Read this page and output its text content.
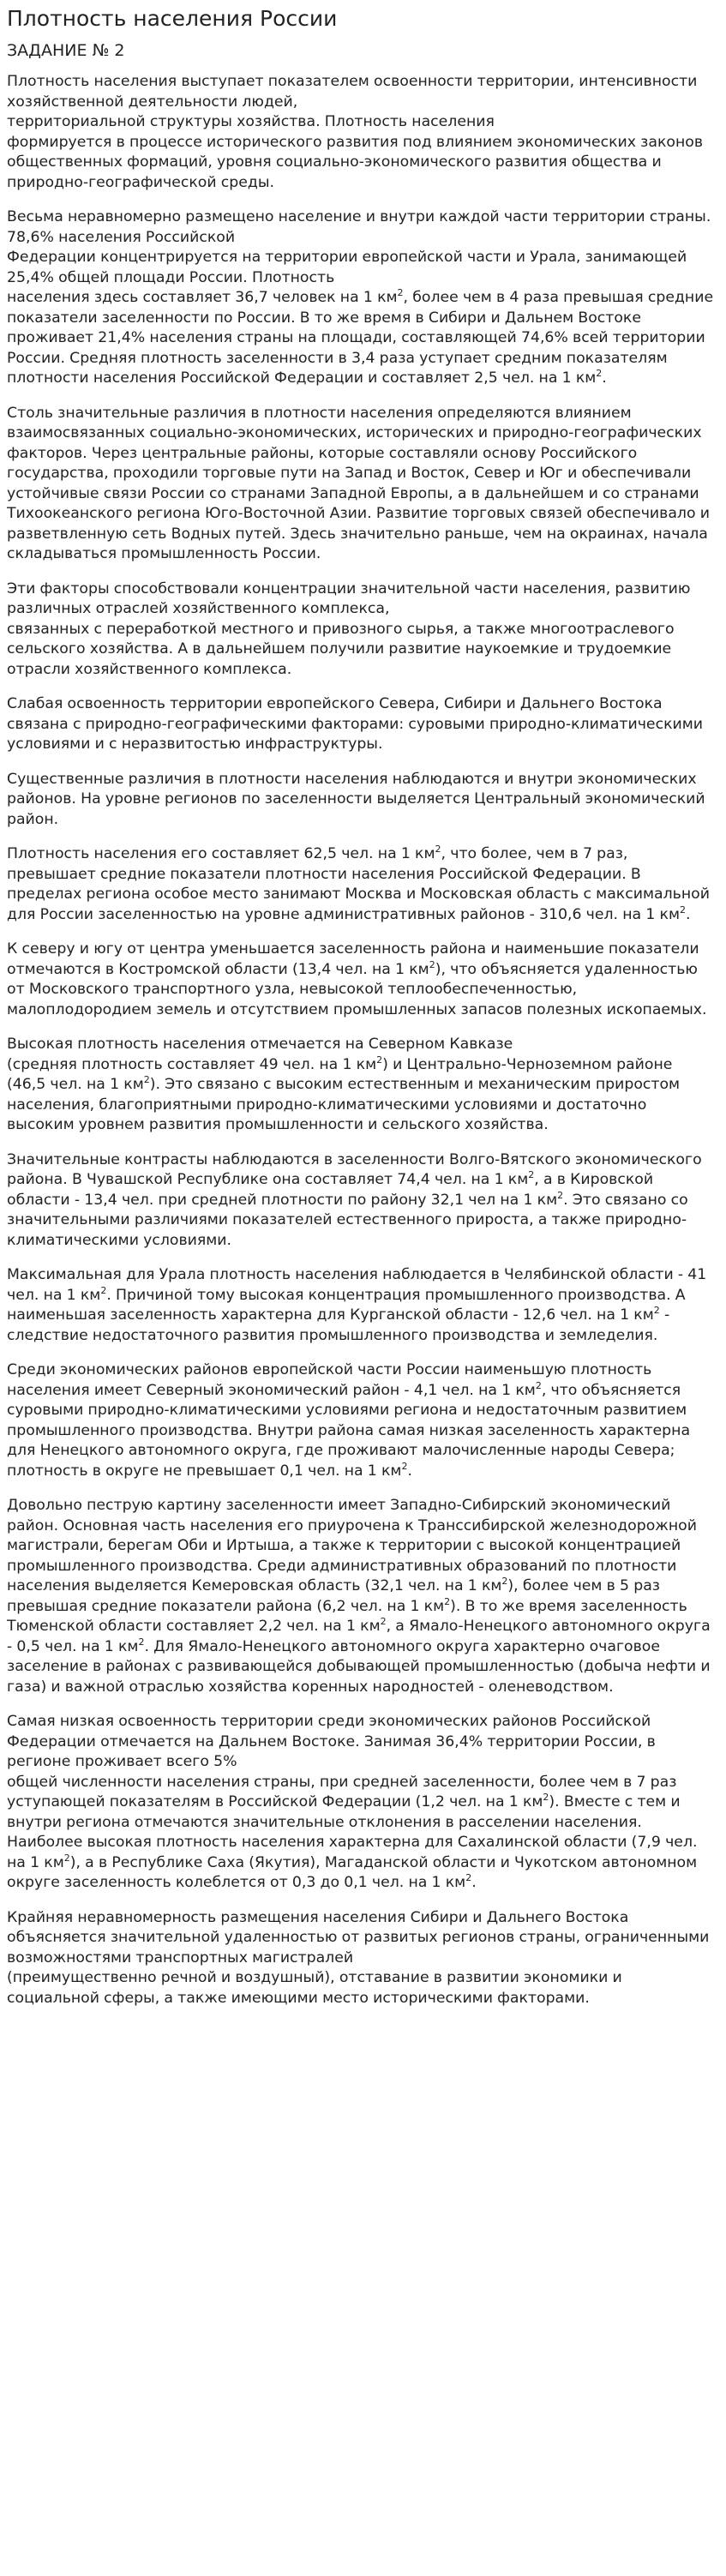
Плотность населения России
ЗАДАНИЕ № 2

Плотность населения выступает показателем освоенности территории, интенсивности хозяйственной деятельности людей,
территориальной структуры хозяйства. Плотность населения
формируется в процессе исторического развития под влиянием экономических законов общественных формаций, уровня социально-экономического развития общества и природно-географической среды.

Весьма неравномерно размещено население и внутри каждой части территории страны. 78,6% населения Российской
Федерации концентрируется на территории европейской части и Урала, занимающей 25,4% общей площади России. Плотность
населения здесь составляет 36,7 человек на 1 $км^2$, более чем в 4 раза превышая средние показатели заселенности по России. В то же время в Сибири и Дальнем Востоке проживает 21,4% населения страны на площади, составляющей 74,6% всей территории России. Средняя плотность заселенности в 3,4 раза уступает средним показателям плотности населения Российской Федерации и составляет 2,5 чел. на 1 $км^2$.

Столь значительные различия в плотности населения определяются влиянием взаимосвязанных социально-экономических, исторических и природно-географических факторов. Через центральные районы, которые составляли основу Российского государства, проходили торговые пути на Запад и Восток, Север и Юг и обеспечивали устойчивые связи России со странами Западной Европы, а в дальнейшем и со странами Тихоокеанского региона Юго-Восточной Азии. Развитие торговых связей обеспечивало и разветвленную сеть Водных путей. Здесь значительно раньше, чем на окраинах, начала складываться промышленность России.

Эти факторы способствовали концентрации значительной части населения, развитию различных отраслей хозяйственного комплекса,
связанных с переработкой местного и привозного сырья, а также многоотраслевого сельского хозяйства. А в дальнейшем получили развитие наукоемкие и трудоемкие отрасли хозяйственного комплекса.

Слабая освоенность территории европейского Севера, Сибири и Дальнего Востока связана с природно-географическими факторами: суровыми природно-климатическими условиями и с неразвитостью инфраструктуры.

Существенные различия в плотности населения наблюдаются и внутри экономических районов. На уровне регионов по заселенности выделяется Центральный экономический район.

Плотность населения его составляет 62,5 чел. на 1 $км^2$, что более, чем в 7 раз, превышает средние показатели плотности населения Российской Федерации. В пределах региона особое место занимают Москва и Московская область с максимальной для России заселенностью на уровне административных районов - 310,6 чел. на 1 $км^2$.

К северу и югу от центра уменьшается заселенность района и наименьшие показатели отмечаются в Костромской области (13,4 чел. на 1 $км^2$), что объясняется удаленностью от Московского транспортного узла, невысокой теплообеспеченностью, малоплодородием земель и отсутствием промышленных запасов полезных ископаемых.

Высокая плотность населения отмечается на Северном Кавказе
(средняя плотность составляет 49 чел. на 1 $км^2$) и Центрально-Черноземном районе (46,5 чел. на 1 $км^2$). Это связано с высоким естественным и механическим приростом населения, благоприятными природно-климатическими условиями и достаточно высоким уровнем развития промышленности и сельского хозяйства.

Значительные контрасты наблюдаются в заселенности Волго-Вятского экономического района. В Чувашской Республике она составляет 74,4 чел. на 1 $км^2$, а в Кировской области - 13,4 чел. при средней плотности по району 32,1 чел на 1 $км^2$. Это связано со значительными различиями показателей естественного прироста, а также природно-климатическими условиями.

Максимальная для Урала плотность населения наблюдается в Челябинской области - 41 чел. на 1 $км^2$. Причиной тому высокая концентрация промышленного производства. А наименьшая заселенность характерна для Курганской области - 12,6 чел. на 1 $км^2$ - следствие недостаточного развития промышленного производства и земледелия.

Среди экономических районов европейской части России наименьшую плотность населения имеет Северный экономический район - 4,1 чел. на 1 $км^2$, что объясняется суровыми природно-климатическими условиями региона и недостаточным развитием промышленного производства. Внутри района самая низкая заселенность характерна для Ненецкого автономного округа, где проживают малочисленные народы Севера; плотность в округе не превышает 0,1 чел. на 1 $км^2$.

Довольно пеструю картину заселенности имеет Западно-Сибирский экономический район. Основная часть населения его приурочена к Транссибирской железнодорожной магистрали, берегам Оби и Иртыша, а также к территории с высокой концентрацией промышленного производства. Среди административных образований по плотности населения выделяется Кемеровская область (32,1 чел. на 1 $км^2$), более чем в 5 раз превышая средние показатели района (6,2 чел. на 1 $км^2$). В то же время заселенность Тюменской области составляет 2,2 чел. на 1 $км^2$, а Ямало-Ненецкого автономного округа - 0,5 чел. на 1 $км^2$. Для Ямало-Ненецкого автономного округа характерно очаговое заселение в районах с развивающейся добывающей промышленностью (добыча нефти и газа) и важной отраслью хозяйства коренных народностей - оленеводством.

Самая низкая освоенность территории среди экономических районов Российской Федерации отмечается на Дальнем Востоке. Занимая 36,4% территории России, в регионе проживает всего 5%
общей численности населения страны, при средней заселенности, более чем в 7 раз уступающей показателям в Российской Федерации (1,2 чел. на 1 $км^2$). Вместе с тем и внутри региона отмечаются значительные отклонения в расселении населения. Наиболее высокая плотность населения характерна для Сахалинской области (7,9 чел. на 1 $км^2$), а в Республике Саха (Якутия), Магаданской области и Чукотском автономном округе заселенность колеблется от 0,3 до 0,1 чел. на 1 $км^2$.

Крайняя неравномерность размещения населения Сибири и Дальнего Востока объясняется значительной удаленностью от развитых регионов страны, ограниченными возможностями транспортных магистралей
(преимущественно речной и воздушный), отставание в развитии экономики и социальной сферы, а также имеющими место историческими факторами.
